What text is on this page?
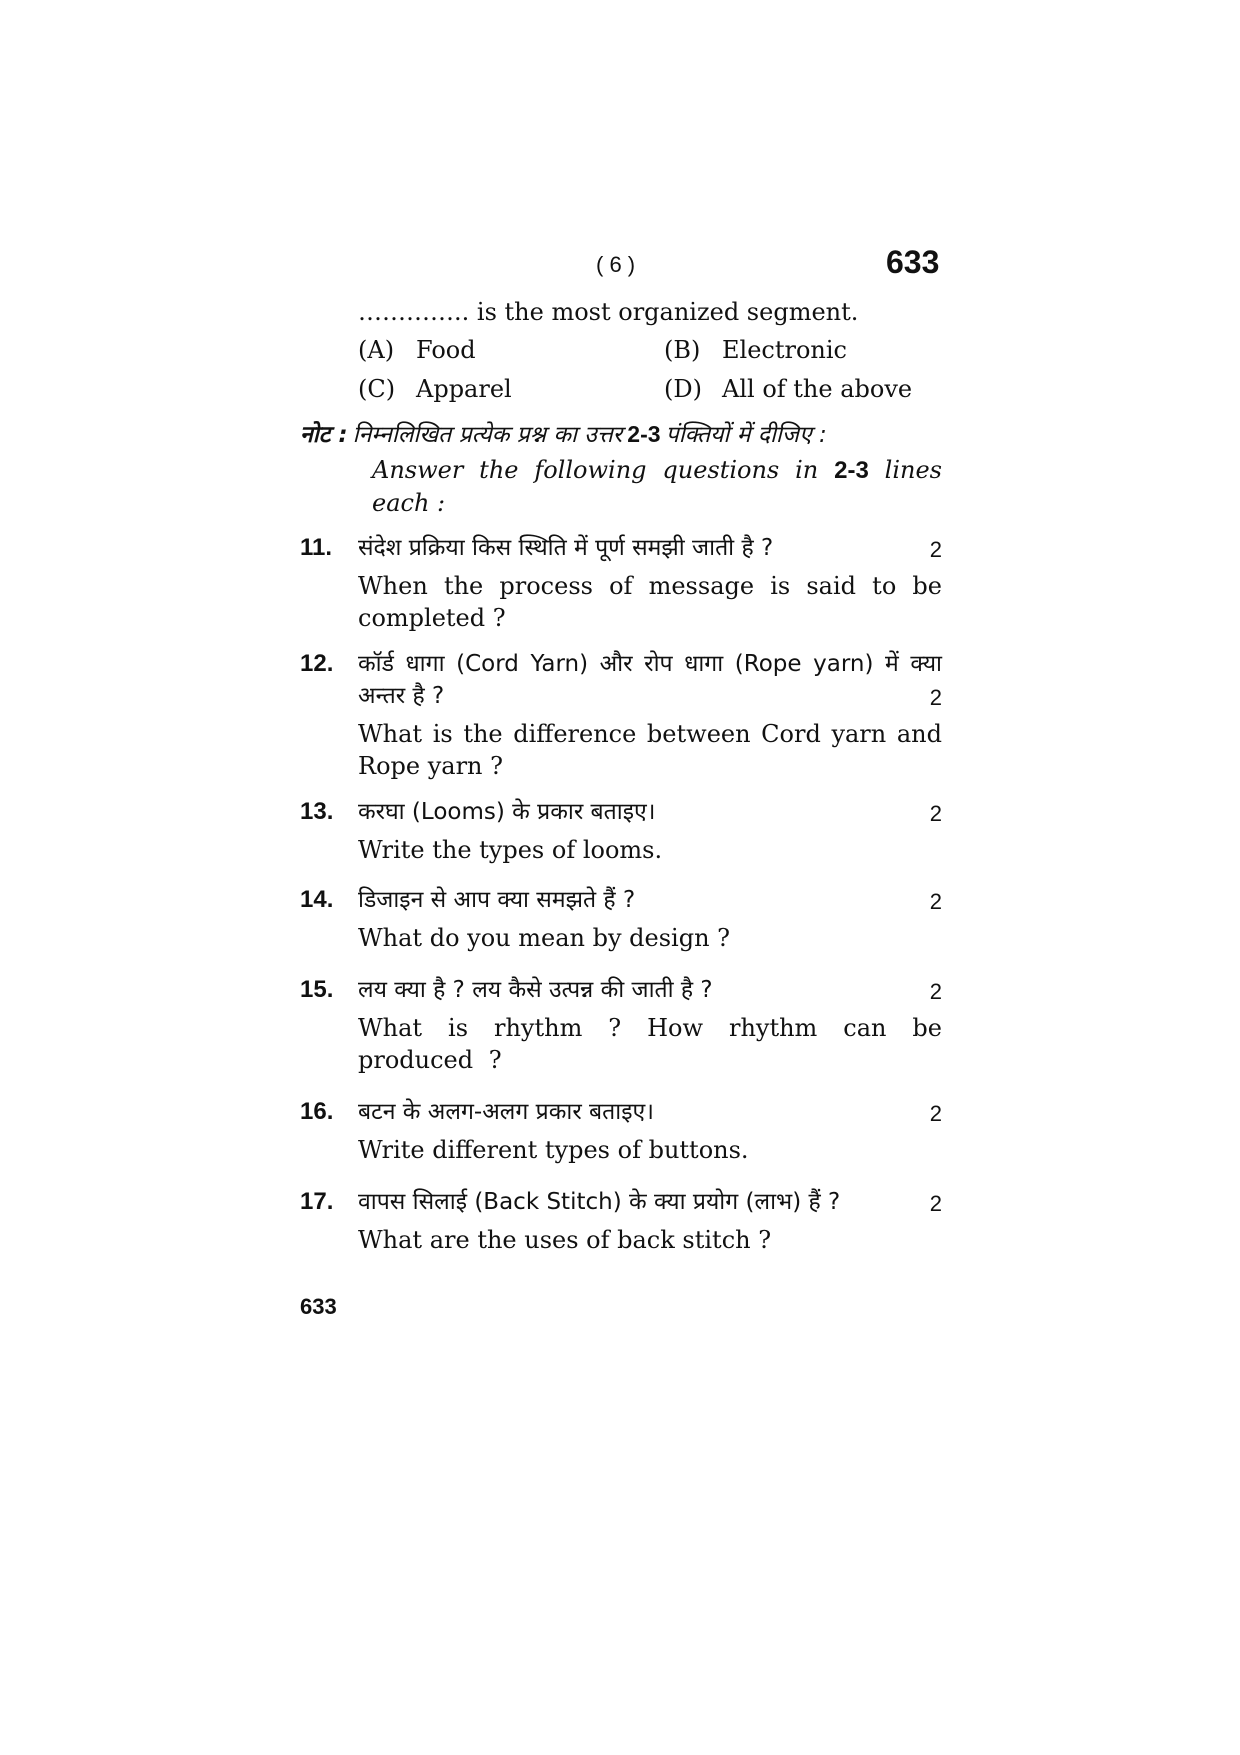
( 6 )	633
………….. is the most organized segment.
(A) Food	(B) Electronic
(C) Apparel	(D) All of the above
नोट : निम्नलिखित प्रत्येक प्रश्न का उत्तर 2-3 पंक्तियों में दीजिए :
Answer the following questions in 2-3 lines each :
11. संदेश प्रक्रिया किस स्थिति में पूर्ण समझी जाती है ?	2
When the process of message is said to be completed ?
12. कॉर्ड धागा (Cord Yarn) और रोप धागा (Rope yarn) में क्या अन्तर है ?	2
What is the difference between Cord yarn and Rope yarn ?
13. करघा (Looms) के प्रकार बताइए।	2
Write the types of looms.
14. डिजाइन से आप क्या समझते हैं ?	2
What do you mean by design ?
15. लय क्या है ? लय कैसे उत्पन्न की जाती है ?	2
What is rhythm ? How rhythm can be produced ?
16. बटन के अलग-अलग प्रकार बताइए।	2
Write different types of buttons.
17. वापस सिलाई (Back Stitch) के क्या प्रयोग (लाभ) हैं ?	2
What are the uses of back stitch ?
633
